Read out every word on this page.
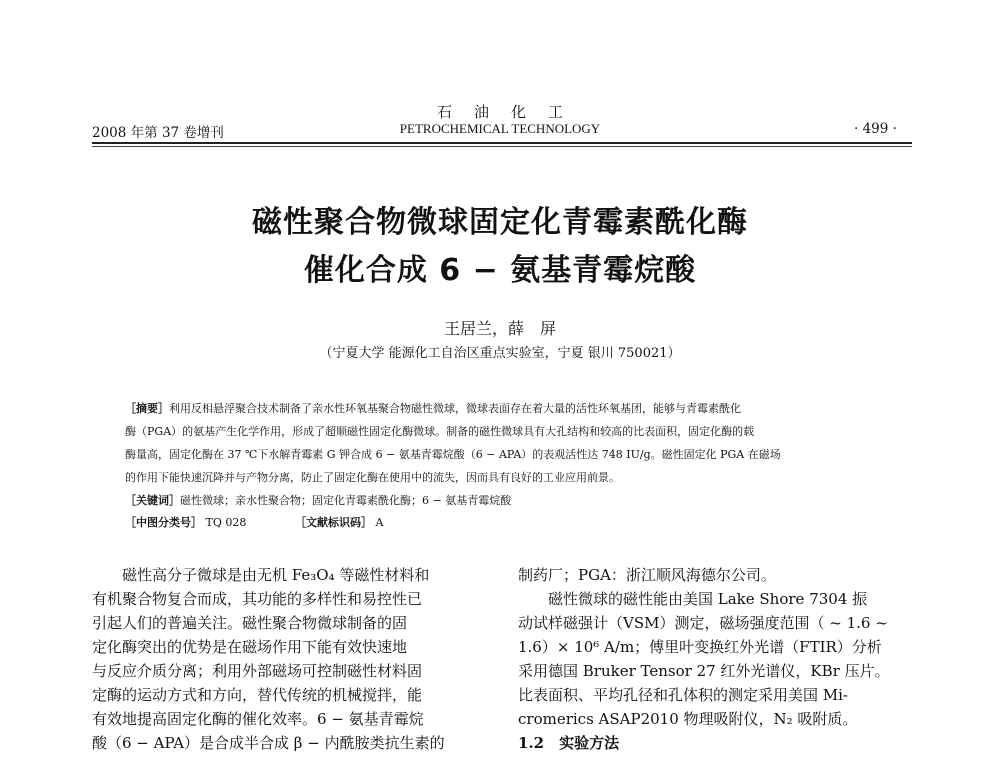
石油化工
2008 年第 37 卷增刊	PETROCHEMICAL TECHNOLOGY	· 499 ·
磁性聚合物微球固定化青霉素酰化酶
催化合成 6 − 氨基青霉烷酸
王居兰，薛　屏
（宁夏大学 能源化工自治区重点实验室，宁夏 银川 750021）
［摘要］利用反相悬浮聚合技术制备了亲水性环氧基聚合物磁性微球，微球表面存在着大量的活性环氧基团，能够与青霉素酰化
酶（PGA）的氨基产生化学作用，形成了超顺磁性固定化酶微球。制备的磁性微球具有大孔结构和较高的比表面积，固定化酶的载
酶量高，固定化酶在 37 ℃下水解青霉素 G 钾合成 6 − 氨基青霉烷酸（6 − APA）的表观活性达 748 IU/g。磁性固定化 PGA 在磁场
的作用下能快速沉降并与产物分离，防止了固定化酶在使用中的流失，因而具有良好的工业应用前景。
［关键词］磁性微球；亲水性聚合物；固定化青霉素酰化酶；6 − 氨基青霉烷酸
［中图分类号］ TQ 028	［文献标识码］ A
　　磁性高分子微球是由无机 Fe₃O₄ 等磁性材料和
有机聚合物复合而成，其功能的多样性和易控性已
引起人们的普遍关注。磁性聚合物微球制备的固
定化酶突出的优势是在磁场作用下能有效快速地
与反应介质分离；利用外部磁场可控制磁性材料固
定酶的运动方式和方向，替代传统的机械搅拌，能
有效地提高固定化酶的催化效率。6 − 氨基青霉烷
酸（6 − APA）是合成半合成 β − 内酰胺类抗生素的
制药厂；PGA：浙江顺风海德尔公司。
　　磁性微球的磁性能由美国 Lake Shore 7304 振
动试样磁强计（VSM）测定，磁场强度范围（ ~ 1.6 ~
1.6）× 10⁶ A/m；傅里叶变换红外光谱（FTIR）分析
采用德国 Bruker Tensor 27 红外光谱仪，KBr 压片。
比表面积、平均孔径和孔体积的测定采用美国 Mi-
cromerics ASAP2010 物理吸附仪，N₂ 吸附质。
1.2　实验方法
